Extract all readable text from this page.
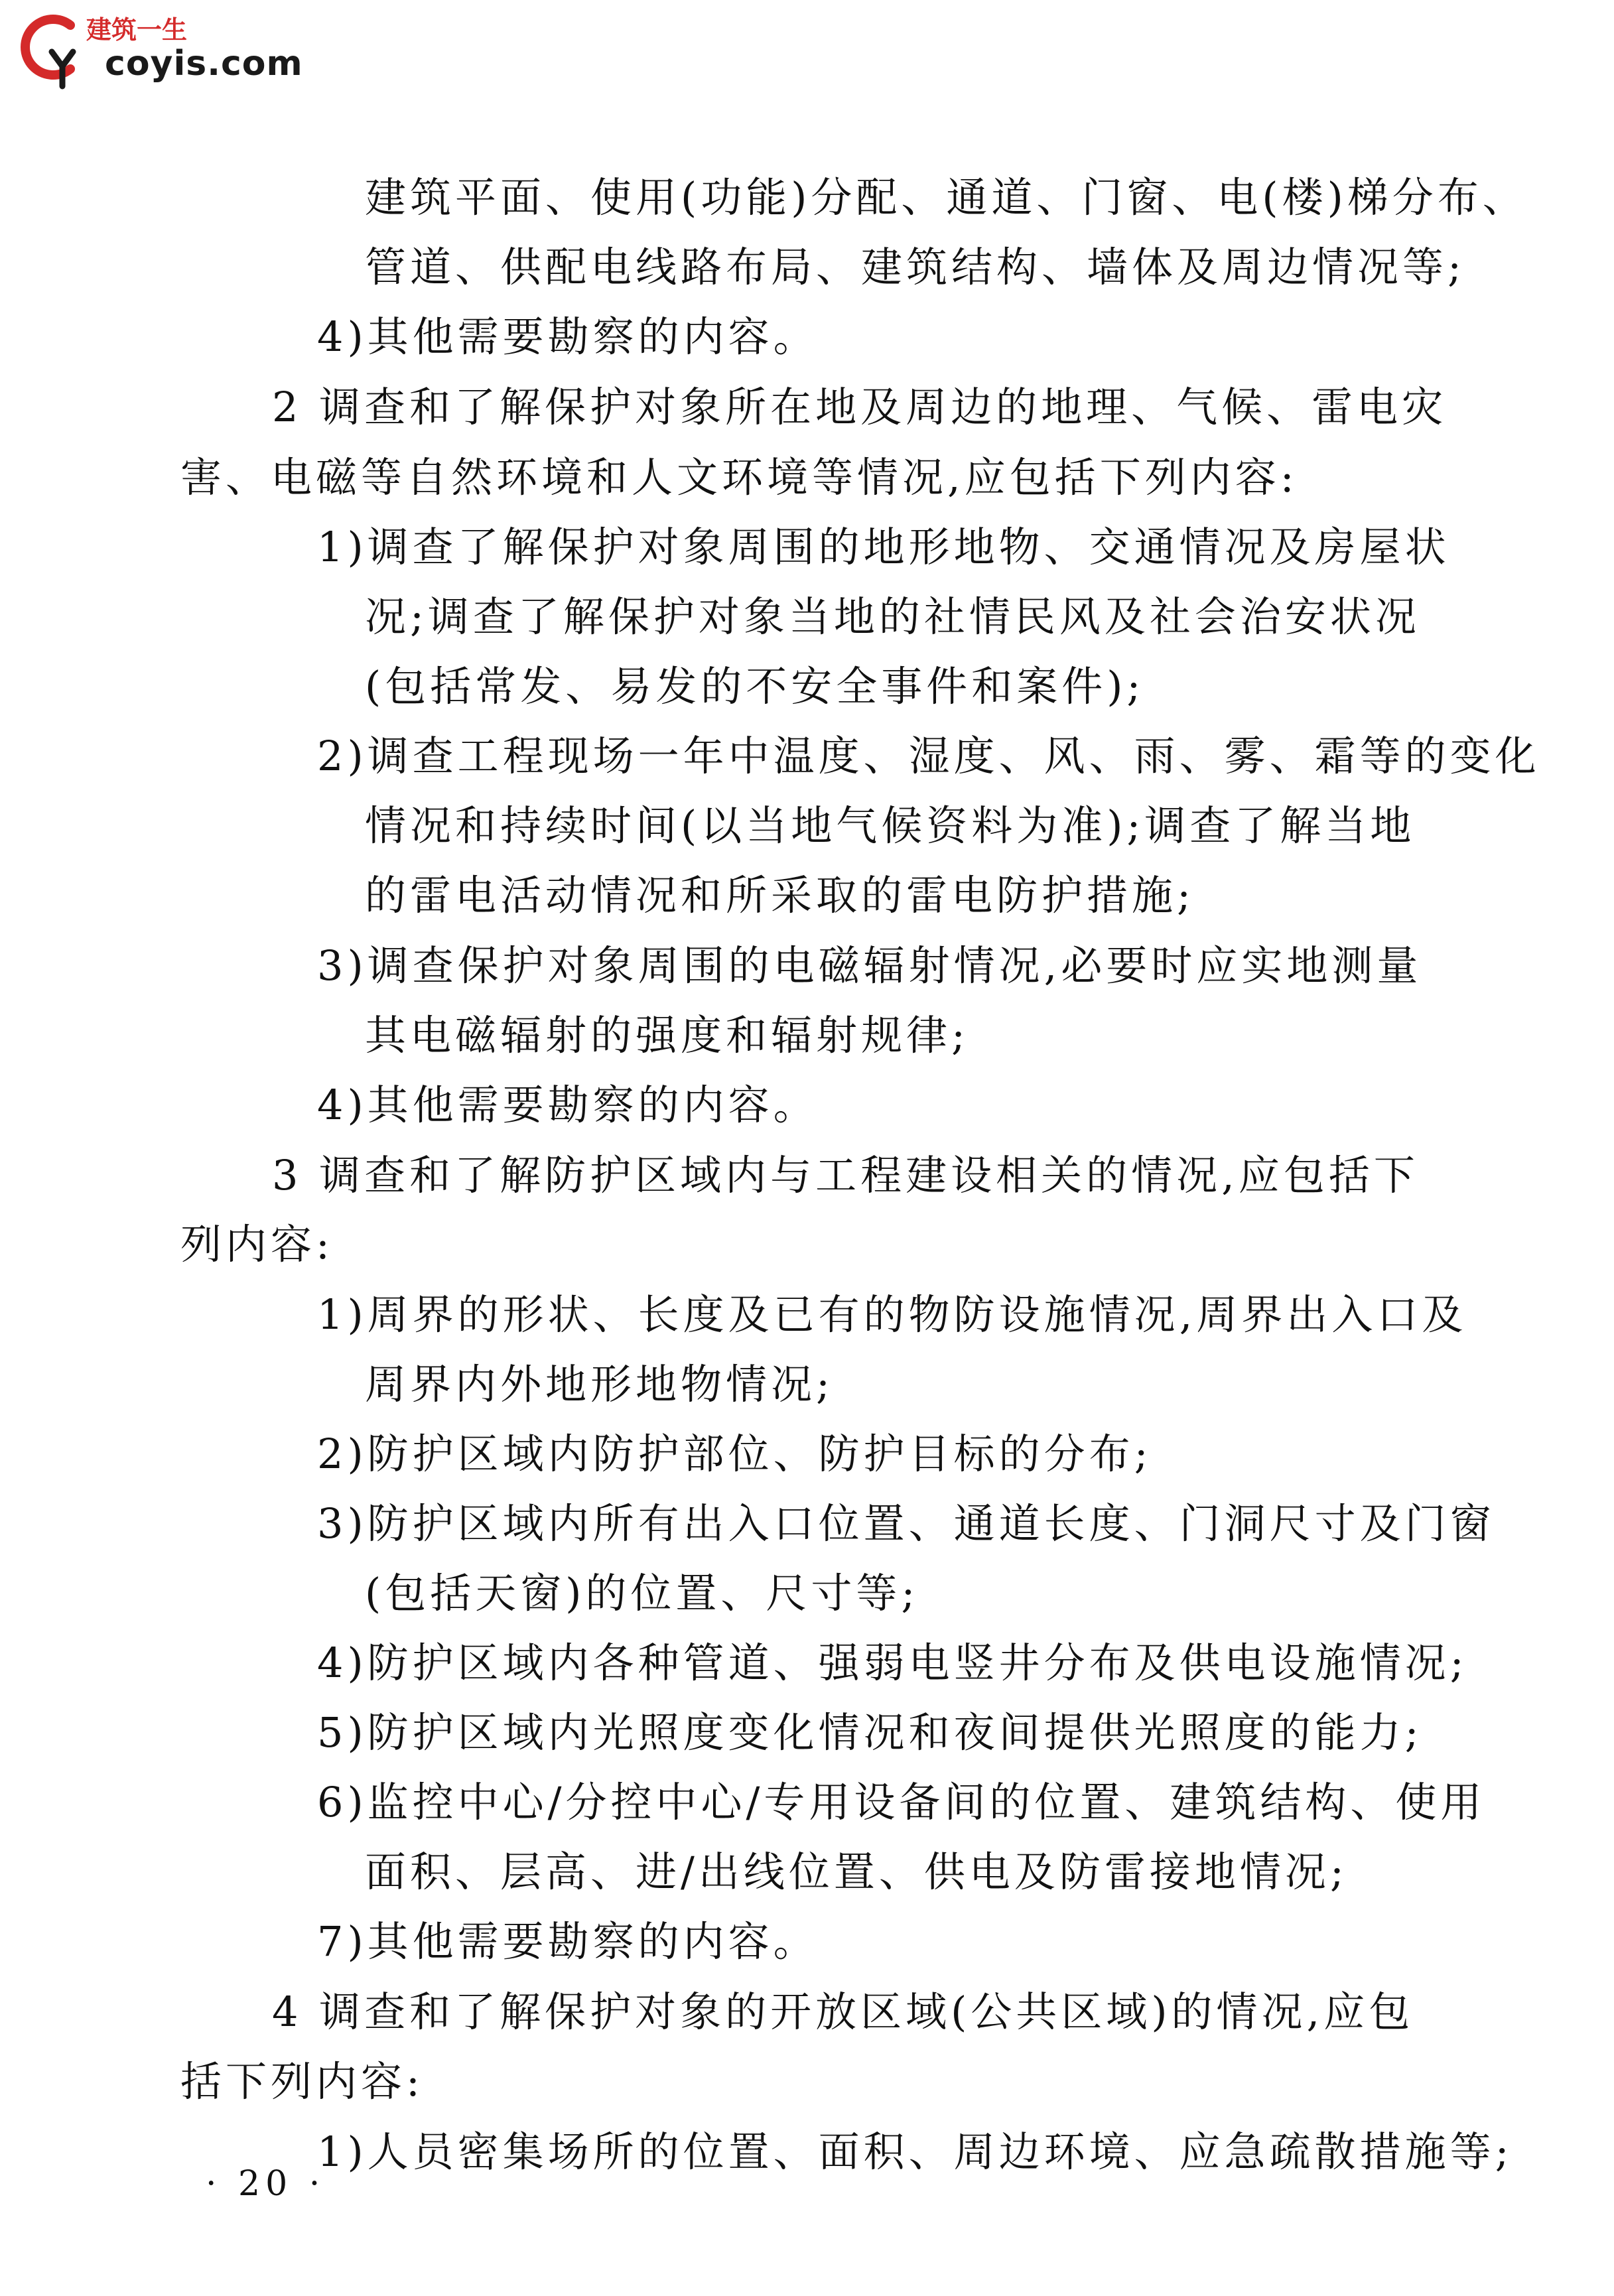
建筑一生
coyis.com
建筑平面、使用(功能)分配、通道、门窗、电(楼)梯分布、
管道、供配电线路布局、建筑结构、墙体及周边情况等;
4)其他需要勘察的内容。
2 调查和了解保护对象所在地及周边的地理、气候、雷电灾
害、电磁等自然环境和人文环境等情况,应包括下列内容:
1)调查了解保护对象周围的地形地物、交通情况及房屋状
况;调查了解保护对象当地的社情民风及社会治安状况
(包括常发、易发的不安全事件和案件);
2)调查工程现场一年中温度、湿度、风、雨、雾、霜等的变化
情况和持续时间(以当地气候资料为准);调查了解当地
的雷电活动情况和所采取的雷电防护措施;
3)调查保护对象周围的电磁辐射情况,必要时应实地测量
其电磁辐射的强度和辐射规律;
4)其他需要勘察的内容。
3 调查和了解防护区域内与工程建设相关的情况,应包括下
列内容:
1)周界的形状、长度及已有的物防设施情况,周界出入口及
周界内外地形地物情况;
2)防护区域内防护部位、防护目标的分布;
3)防护区域内所有出入口位置、通道长度、门洞尺寸及门窗
(包括天窗)的位置、尺寸等;
4)防护区域内各种管道、强弱电竖井分布及供电设施情况;
5)防护区域内光照度变化情况和夜间提供光照度的能力;
6)监控中心/分控中心/专用设备间的位置、建筑结构、使用
面积、层高、进/出线位置、供电及防雷接地情况;
7)其他需要勘察的内容。
4 调查和了解保护对象的开放区域(公共区域)的情况,应包
括下列内容:
1)人员密集场所的位置、面积、周边环境、应急疏散措施等;
· 20 ·
